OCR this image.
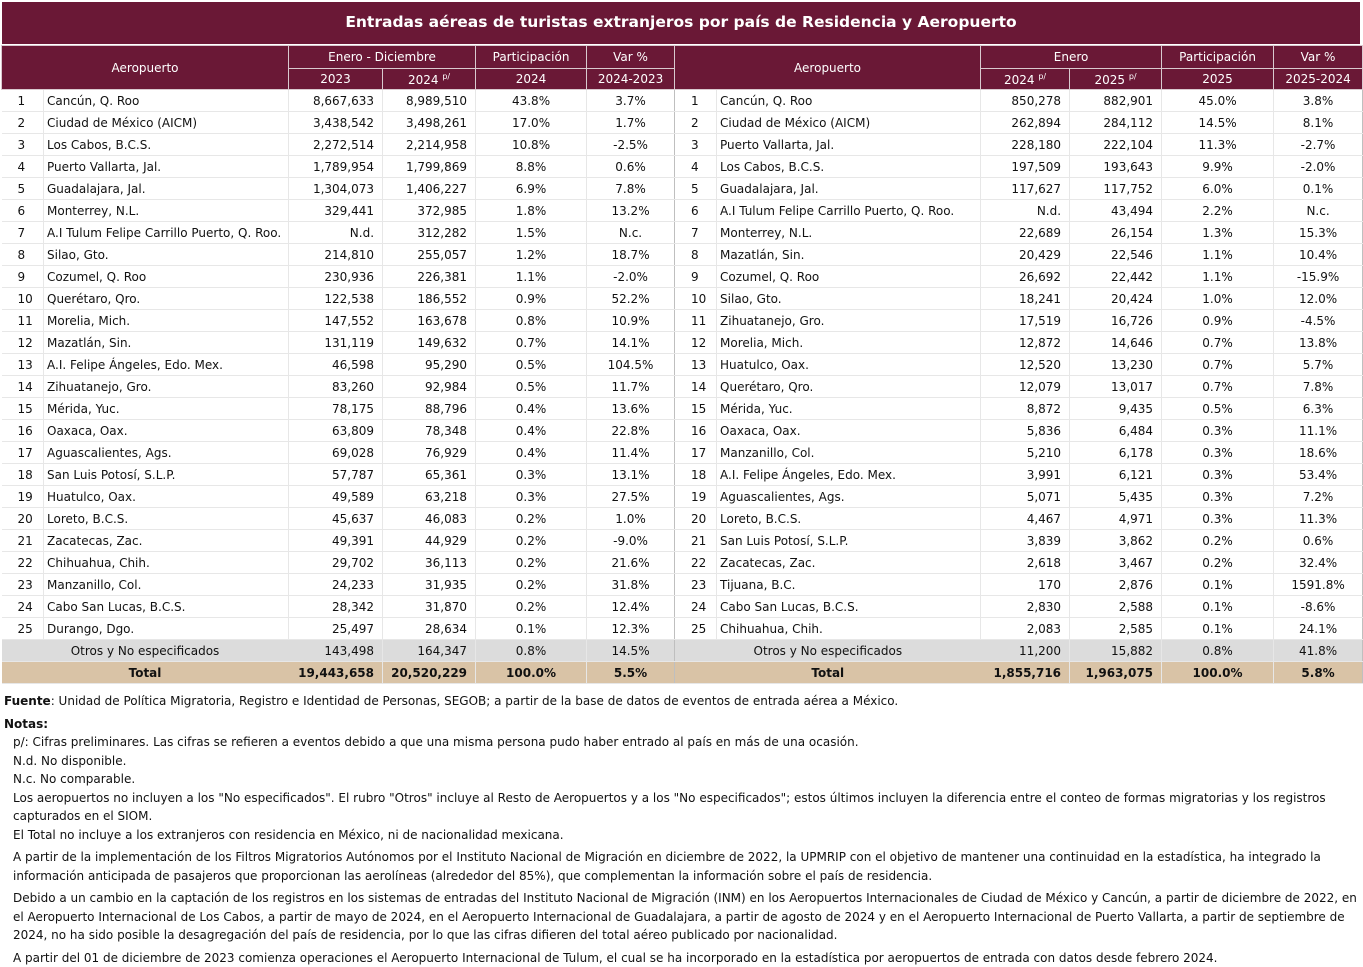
Entradas aéreas de turistas extranjeros por país de Residencia y Aeropuerto
Aeropuerto		Enero - Diciembre		Participación	Var %	Aeropuerto		Enero		Participación	Var %
		2023	2024 $^{p/}$	2024	2024-2023			2024 $^{p/}$	2025 $^{p/}$	2025	2025-2024
1	Cancún, Q. Roo	8,667,633	8,989,510	43.8%	3.7%	1	Cancún, Q. Roo	850,278	882,901	45.0%	3.8%
2	Ciudad de México (AICM)	3,438,542	3,498,261	17.0%	1.7%	2	Ciudad de México (AICM)	262,894	284,112	14.5%	8.1%
3	Los Cabos, B.C.S.	2,272,514	2,214,958	10.8%	-2.5%	3	Puerto Vallarta, Jal.	228,180	222,104	11.3%	-2.7%
4	Puerto Vallarta, Jal.	1,789,954	1,799,869	8.8%	0.6%	4	Los Cabos, B.C.S.	197,509	193,643	9.9%	-2.0%
5	Guadalajara, Jal.	1,304,073	1,406,227	6.9%	7.8%	5	Guadalajara, Jal.	117,627	117,752	6.0%	0.1%
6	Monterrey, N.L.	329,441	372,985	1.8%	13.2%	6	A.I Tulum Felipe Carrillo Puerto, Q. Roo.	N.d.	43,494	2.2%	N.c.
7	A.I Tulum Felipe Carrillo Puerto, Q. Roo.	N.d.	312,282	1.5%	N.c.	7	Monterrey, N.L.	22,689	26,154	1.3%	15.3%
8	Silao, Gto.	214,810	255,057	1.2%	18.7%	8	Mazatlán, Sin.	20,429	22,546	1.1%	10.4%
9	Cozumel, Q. Roo	230,936	226,381	1.1%	-2.0%	9	Cozumel, Q. Roo	26,692	22,442	1.1%	-15.9%
10	Querétaro, Qro.	122,538	186,552	0.9%	52.2%	10	Silao, Gto.	18,241	20,424	1.0%	12.0%
11	Morelia, Mich.	147,552	163,678	0.8%	10.9%	11	Zihuatanejo, Gro.	17,519	16,726	0.9%	-4.5%
12	Mazatlán, Sin.	131,119	149,632	0.7%	14.1%	12	Morelia, Mich.	12,872	14,646	0.7%	13.8%
13	A.I. Felipe Ángeles, Edo. Mex.	46,598	95,290	0.5%	104.5%	13	Huatulco, Oax.	12,520	13,230	0.7%	5.7%
14	Zihuatanejo, Gro.	83,260	92,984	0.5%	11.7%	14	Querétaro, Qro.	12,079	13,017	0.7%	7.8%
15	Mérida, Yuc.	78,175	88,796	0.4%	13.6%	15	Mérida, Yuc.	8,872	9,435	0.5%	6.3%
16	Oaxaca, Oax.	63,809	78,348	0.4%	22.8%	16	Oaxaca, Oax.	5,836	6,484	0.3%	11.1%
17	Aguascalientes, Ags.	69,028	76,929	0.4%	11.4%	17	Manzanillo, Col.	5,210	6,178	0.3%	18.6%
18	San Luis Potosí, S.L.P.	57,787	65,361	0.3%	13.1%	18	A.I. Felipe Ángeles, Edo. Mex.	3,991	6,121	0.3%	53.4%
19	Huatulco, Oax.	49,589	63,218	0.3%	27.5%	19	Aguascalientes, Ags.	5,071	5,435	0.3%	7.2%
20	Loreto, B.C.S.	45,637	46,083	0.2%	1.0%	20	Loreto, B.C.S.	4,467	4,971	0.3%	11.3%
21	Zacatecas, Zac.	49,391	44,929	0.2%	-9.0%	21	San Luis Potosí, S.L.P.	3,839	3,862	0.2%	0.6%
22	Chihuahua, Chih.	29,702	36,113	0.2%	21.6%	22	Zacatecas, Zac.	2,618	3,467	0.2%	32.4%
23	Manzanillo, Col.	24,233	31,935	0.2%	31.8%	23	Tijuana, B.C.	170	2,876	0.1%	1591.8%
24	Cabo San Lucas, B.C.S.	28,342	31,870	0.2%	12.4%	24	Cabo San Lucas, B.C.S.	2,830	2,588	0.1%	-8.6%
25	Durango, Dgo.	25,497	28,634	0.1%	12.3%	25	Chihuahua, Chih.	2,083	2,585	0.1%	24.1%
Otros y No especificados		143,498	164,347	0.8%	14.5%	Otros y No especificados		11,200	15,882	0.8%	41.8%
Total		19,443,658	20,520,229	100.0%	5.5%	Total		1,855,716	1,963,075	100.0%	5.8%
Fuente: Unidad de Política Migratoria, Registro e Identidad de Personas, SEGOB; a partir de la base de datos de eventos de entrada aérea a México.
Notas:
p/: Cifras preliminares. Las cifras se refieren a eventos debido a que una misma persona pudo haber entrado al país en más de una ocasión.
N.d. No disponible.
N.c. No comparable.
Los aeropuertos no incluyen a los "No especificados". El rubro "Otros" incluye al Resto de Aeropuertos y a los "No especificados"; estos últimos incluyen la diferencia entre el conteo de formas migratorias y los registros capturados en el SIOM.
El Total no incluye a los extranjeros con residencia en México, ni de nacionalidad mexicana.
A partir de la implementación de los Filtros Migratorios Autónomos por el Instituto Nacional de Migración en diciembre de 2022, la UPMRIP con el objetivo de mantener una continuidad en la estadística, ha integrado la información anticipada de pasajeros que proporcionan las aerolíneas (alrededor del 85%), que complementan la información sobre el país de residencia.
Debido a un cambio en la captación de los registros en los sistemas de entradas del Instituto Nacional de Migración (INM) en los Aeropuertos Internacionales de Ciudad de México y Cancún, a partir de diciembre de 2022, en el Aeropuerto Internacional de Los Cabos, a partir de mayo de 2024, en el Aeropuerto Internacional de Guadalajara, a partir de agosto de 2024 y en el Aeropuerto Internacional de Puerto Vallarta, a partir de septiembre de 2024, no ha sido posible la desagregación del país de residencia, por lo que las cifras difieren del total aéreo publicado por nacionalidad.
A partir del 01 de diciembre de 2023 comienza operaciones el Aeropuerto Internacional de Tulum, el cual se ha incorporado en la estadística por aeropuertos de entrada con datos desde febrero 2024.
